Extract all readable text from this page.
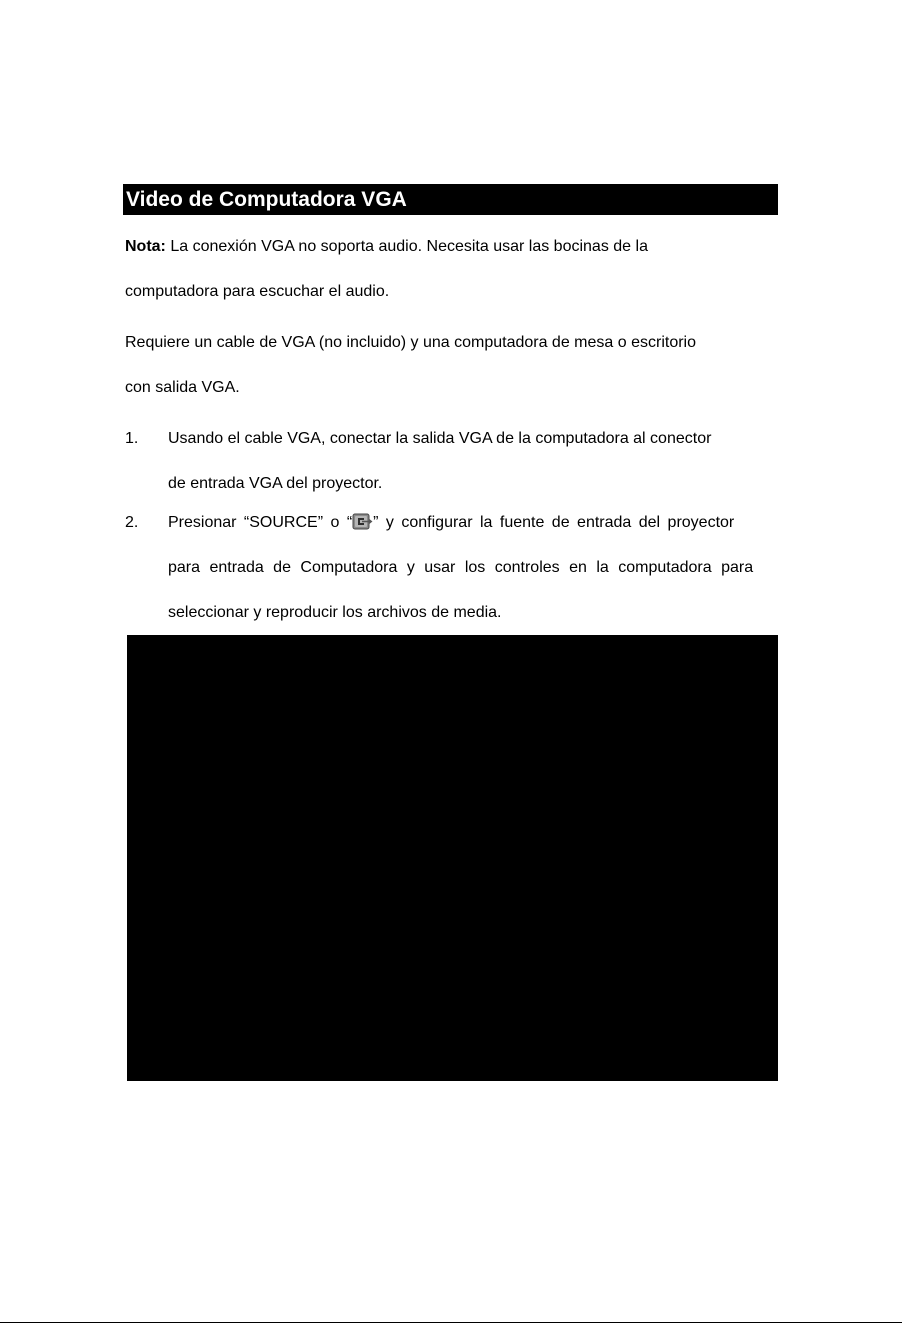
Video de Computadora VGA
Nota: La conexión VGA no soporta audio. Necesita usar las bocinas de la
computadora para escuchar el audio.
Requiere un cable de VGA (no incluido) y una computadora de mesa o escritorio
con salida VGA.
1. Usando el cable VGA, conectar la salida VGA de la computadora al conector
de entrada VGA del proyector.
2. Presionar “SOURCE” o “ ” y configurar la fuente de entrada del proyector
para entrada de Computadora y usar los controles en la computadora para
seleccionar y reproducir los archivos de media.
